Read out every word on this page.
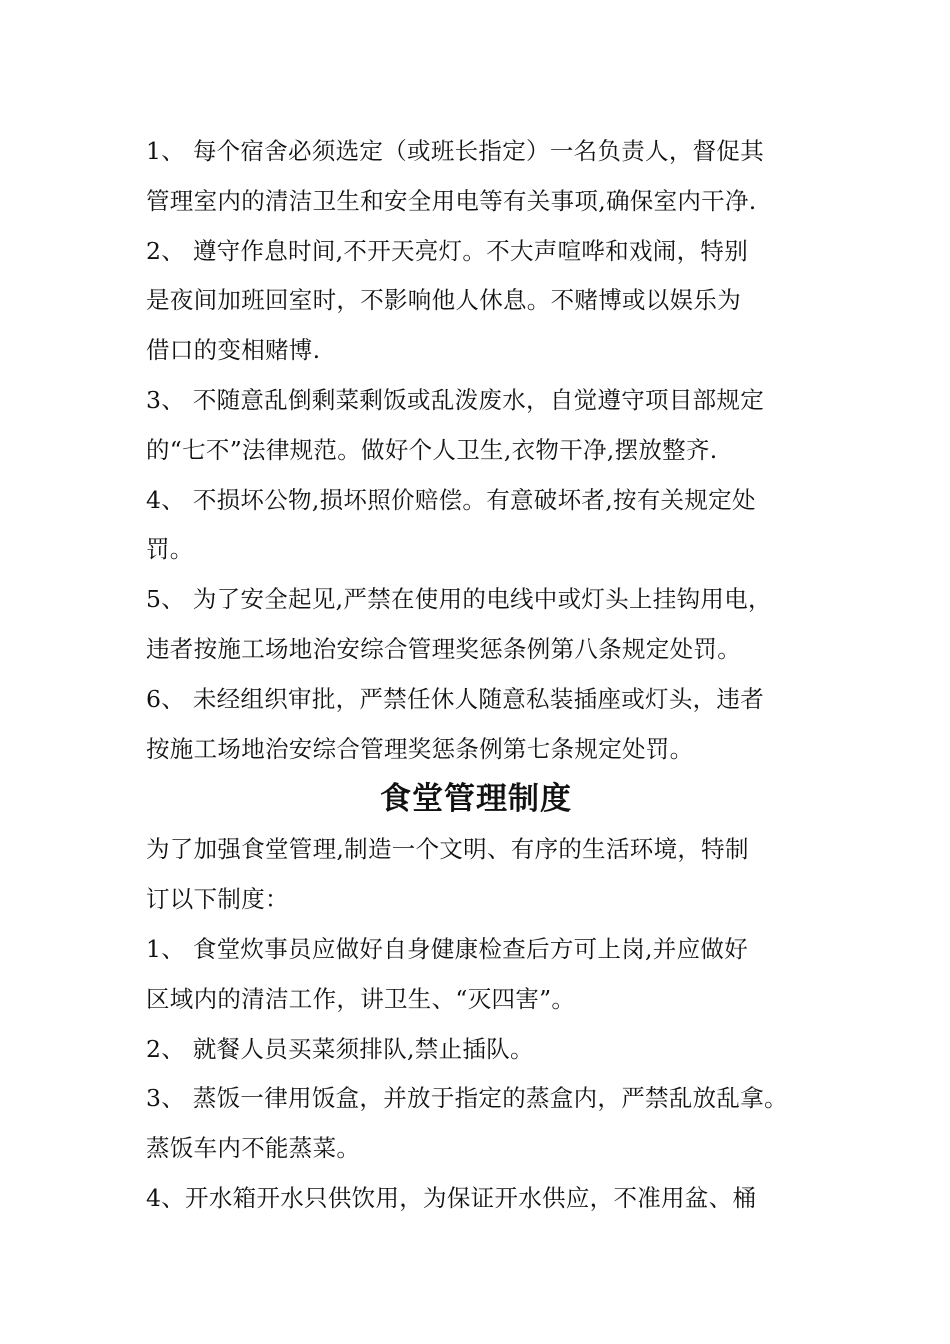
1、 每个宿舍必须选定（或班长指定）一名负责人，督促其
管理室内的清洁卫生和安全用电等有关事项,确保室内干净.
2、 遵守作息时间,不开天亮灯。不大声喧哗和戏闹，特别
是夜间加班回室时，不影响他人休息。不赌博或以娱乐为
借口的变相赌博.
3、 不随意乱倒剩菜剩饭或乱泼废水，自觉遵守项目部规定
的“七不”法律规范。做好个人卫生,衣物干净,摆放整齐.
4、 不损坏公物,损坏照价赔偿。有意破坏者,按有关规定处
罚。
5、 为了安全起见,严禁在使用的电线中或灯头上挂钩用电，
违者按施工场地治安综合管理奖惩条例第八条规定处罚。
6、 未经组织审批，严禁任休人随意私装插座或灯头，违者
按施工场地治安综合管理奖惩条例第七条规定处罚。
食堂管理制度
为了加强食堂管理,制造一个文明、有序的生活环境，特制
订以下制度：
1、 食堂炊事员应做好自身健康检查后方可上岗,并应做好
区域内的清洁工作，讲卫生、“灭四害”。
2、 就餐人员买菜须排队,禁止插队。
3、 蒸饭一律用饭盒，并放于指定的蒸盒内，严禁乱放乱拿。
蒸饭车内不能蒸菜。
4、开水箱开水只供饮用，为保证开水供应，不准用盆、桶
